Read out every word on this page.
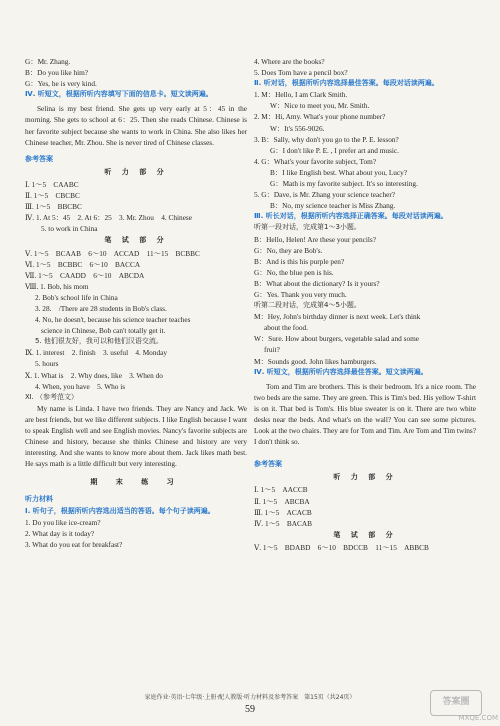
G：Mr. Zhang.
B：Do you like him?
G：Yes, he is very kind.
Ⅳ. 听短文，根据所听内容填写下面的信息卡。短文读两遍。
Selina is my best friend. She gets up very early at 5：45 in the morning. She gets to school at 6：25. Then she reads Chinese. Chinese is her favorite subject because she wants to work in China. She also likes her Chinese teacher, Mr. Zhou. She is never tired of Chinese classes.
参考答案
听 力 部 分
Ⅰ. 1～5　CAABC
Ⅱ. 1～5　CBCBC
Ⅲ. 1～5　BBCBC
Ⅳ. 1. At 5：45　2. At 6：25　3. Mr. Zhou　4. Chinese
5. to work in China
笔 试 部 分
Ⅴ. 1～5　BCAAB　6～10　ACCAD　11～15　BCBBC
Ⅵ. 1～5　BCBBC　6～10　BACCA
Ⅶ. 1～5　CAADD　6～10　ABCDA
Ⅷ. 1. Bob, his mom
2. Bob's school life in China
3. 28.　/There are 28 students in Bob's class.
4. No, he doesn't, because his science teacher teaches
science in Chinese, Bob can't totally get it.
5. 他们很友好，我可以和他们汉语交流。
Ⅸ. 1. interest　2. finish　3. useful　4. Monday
5. hours
Ⅹ. 1. What is　2. Why does, like　3. When do
4. When, you have　5. Who is
Ⅺ. （参考范文）
My name is Linda. I have two friends. They are Nancy and Jack. We are best friends, but we like different subjects. I like English because I want to speak English well and see English movies. Nancy's favorite subjects are Chinese and history, because she thinks Chinese and history are very interesting. And she wants to know more about them. Jack likes math best. He says math is a little difficult but very interesting.
期 末 练 习
听力材料
Ⅰ. 听句子，根据所听内容选出适当的答语。每个句子读两遍。
1. Do you like ice-cream?
2. What day is it today?
3. What do you eat for breakfast?
4. Where are the books?
5. Does Tom have a pencil box?
Ⅱ. 听对话，根据所听内容选择最佳答案。每段对话读两遍。
1. M：Hello, I am Clark Smith.
W：Nice to meet you, Mr. Smith.
2. M：Hi, Amy. What's your phone number?
W：It's 556-9026.
3. B：Sally, why don't you go to the P. E. lesson?
G：I don't like P. E. , I prefer art and music.
4. G：What's your favorite subject, Tom?
B：I like English best. What about you, Lucy?
G：Math is my favorite subject. It's so interesting.
5. G：Dave, is Mr. Zhang your science teacher?
B：No, my science teacher is Miss Zhang.
Ⅲ. 听长对话，根据所听内容选择正确答案。每段对话读两遍。
听第一段对话，完成第1～3小题。
B：Hello, Helen! Are these your pencils?
G：No, they are Bob's.
B：And is this his purple pen?
G：No, the blue pen is his.
B：What about the dictionary? Is it yours?
G：Yes. Thank you very much.
听第二段对话，完成第4～5小题。
M：Hey, John's birthday dinner is next week. Let's think
about the food.
W：Sure. How about burgers, vegetable salad and some
fruit?
M：Sounds good. John likes hamburgers.
Ⅳ. 听短文，根据所听内容选择最佳答案。短文读两遍。
Tom and Tim are brothers. This is their bedroom. It's a nice room. The two beds are the same. They are green. This is Tim's bed. His yellow T-shirt is on it. That bed is Tom's. His blue sweater is on it. There are two white desks near the beds. And what's on the wall? You can see some pictures. Look at the two chairs. They are for Tom and Tim. Are Tom and Tim twins? I don't think so.
参考答案
听 力 部 分
Ⅰ. 1～5　AACCB
Ⅱ. 1～5　ABCBA
Ⅲ. 1～5　ACACB
Ⅳ. 1～5　BACAB
笔 试 部 分
Ⅴ. 1～5　BDABD　6～10　BDCCB　11～15　ABBCB
家庭作业·英语·七年级·上册·配人教版·听力材料及参考答案　第15页（共24页）
59
答案圈
MXQE.COM
